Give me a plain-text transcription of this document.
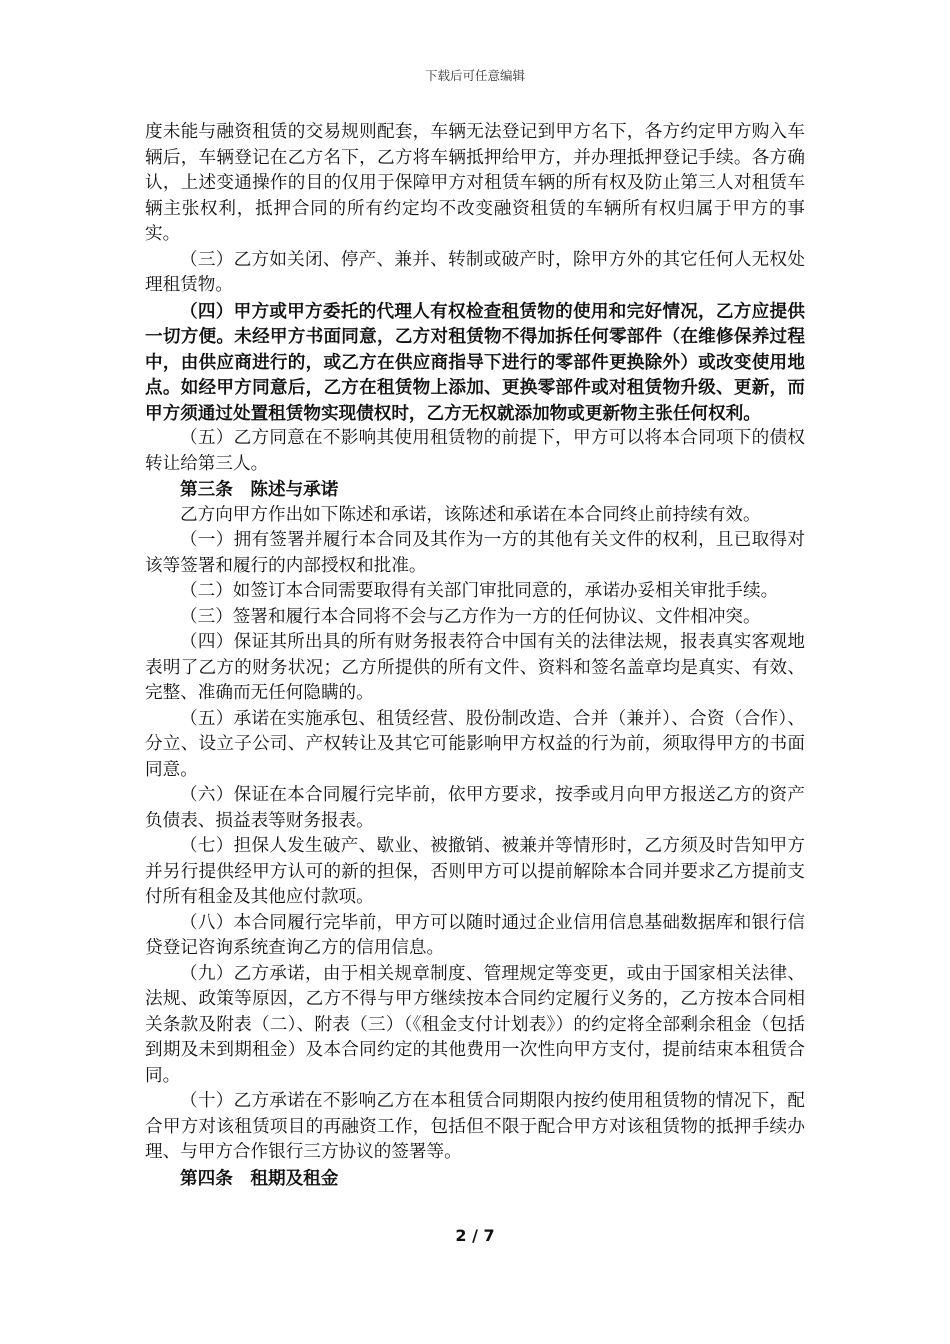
下载后可任意编辑

度未能与融资租赁的交易规则配套，车辆无法登记到甲方名下，各方约定甲方购入车辆后，车辆登记在乙方名下，乙方将车辆抵押给甲方，并办理抵押登记手续。各方确认，上述变通操作的目的仅用于保障甲方对租赁车辆的所有权及防止第三人对租赁车辆主张权利，抵押合同的所有约定均不改变融资租赁的车辆所有权归属于甲方的事实。

（三）乙方如关闭、停产、兼并、转制或破产时，除甲方外的其它任何人无权处理租赁物。

（四）甲方或甲方委托的代理人有权检查租赁物的使用和完好情况，乙方应提供一切方便。未经甲方书面同意，乙方对租赁物不得加拆任何零部件（在维修保养过程中，由供应商进行的，或乙方在供应商指导下进行的零部件更换除外）或改变使用地点。如经甲方同意后，乙方在租赁物上添加、更换零部件或对租赁物升级、更新，而甲方须通过处置租赁物实现债权时，乙方无权就添加物或更新物主张任何权利。

（五）乙方同意在不影响其使用租赁物的前提下，甲方可以将本合同项下的债权转让给第三人。

第三条　陈述与承诺

乙方向甲方作出如下陈述和承诺，该陈述和承诺在本合同终止前持续有效。

（一）拥有签署并履行本合同及其作为一方的其他有关文件的权利，且已取得对该等签署和履行的内部授权和批准。

（二）如签订本合同需要取得有关部门审批同意的，承诺办妥相关审批手续。

（三）签署和履行本合同将不会与乙方作为一方的任何协议、文件相冲突。

（四）保证其所出具的所有财务报表符合中国有关的法律法规，报表真实客观地表明了乙方的财务状况；乙方所提供的所有文件、资料和签名盖章均是真实、有效、完整、准确而无任何隐瞒的。

（五）承诺在实施承包、租赁经营、股份制改造、合并（兼并）、合资（合作）、分立、设立子公司、产权转让及其它可能影响甲方权益的行为前，须取得甲方的书面同意。

（六）保证在本合同履行完毕前，依甲方要求，按季或月向甲方报送乙方的资产负债表、损益表等财务报表。

（七）担保人发生破产、歇业、被撤销、被兼并等情形时，乙方须及时告知甲方并另行提供经甲方认可的新的担保，否则甲方可以提前解除本合同并要求乙方提前支付所有租金及其他应付款项。

（八）本合同履行完毕前，甲方可以随时通过企业信用信息基础数据库和银行信贷登记咨询系统查询乙方的信用信息。

（九）乙方承诺，由于相关规章制度、管理规定等变更，或由于国家相关法律、法规、政策等原因，乙方不得与甲方继续按本合同约定履行义务的，乙方按本合同相关条款及附表（二）、附表（三）（《租金支付计划表》）的约定将全部剩余租金（包括到期及未到期租金）及本合同约定的其他费用一次性向甲方支付，提前结束本租赁合同。

（十）乙方承诺在不影响乙方在本租赁合同期限内按约使用租赁物的情况下，配合甲方对该租赁项目的再融资工作，包括但不限于配合甲方对该租赁物的抵押手续办理、与甲方合作银行三方协议的签署等。

第四条　租期及租金

2 / 7
